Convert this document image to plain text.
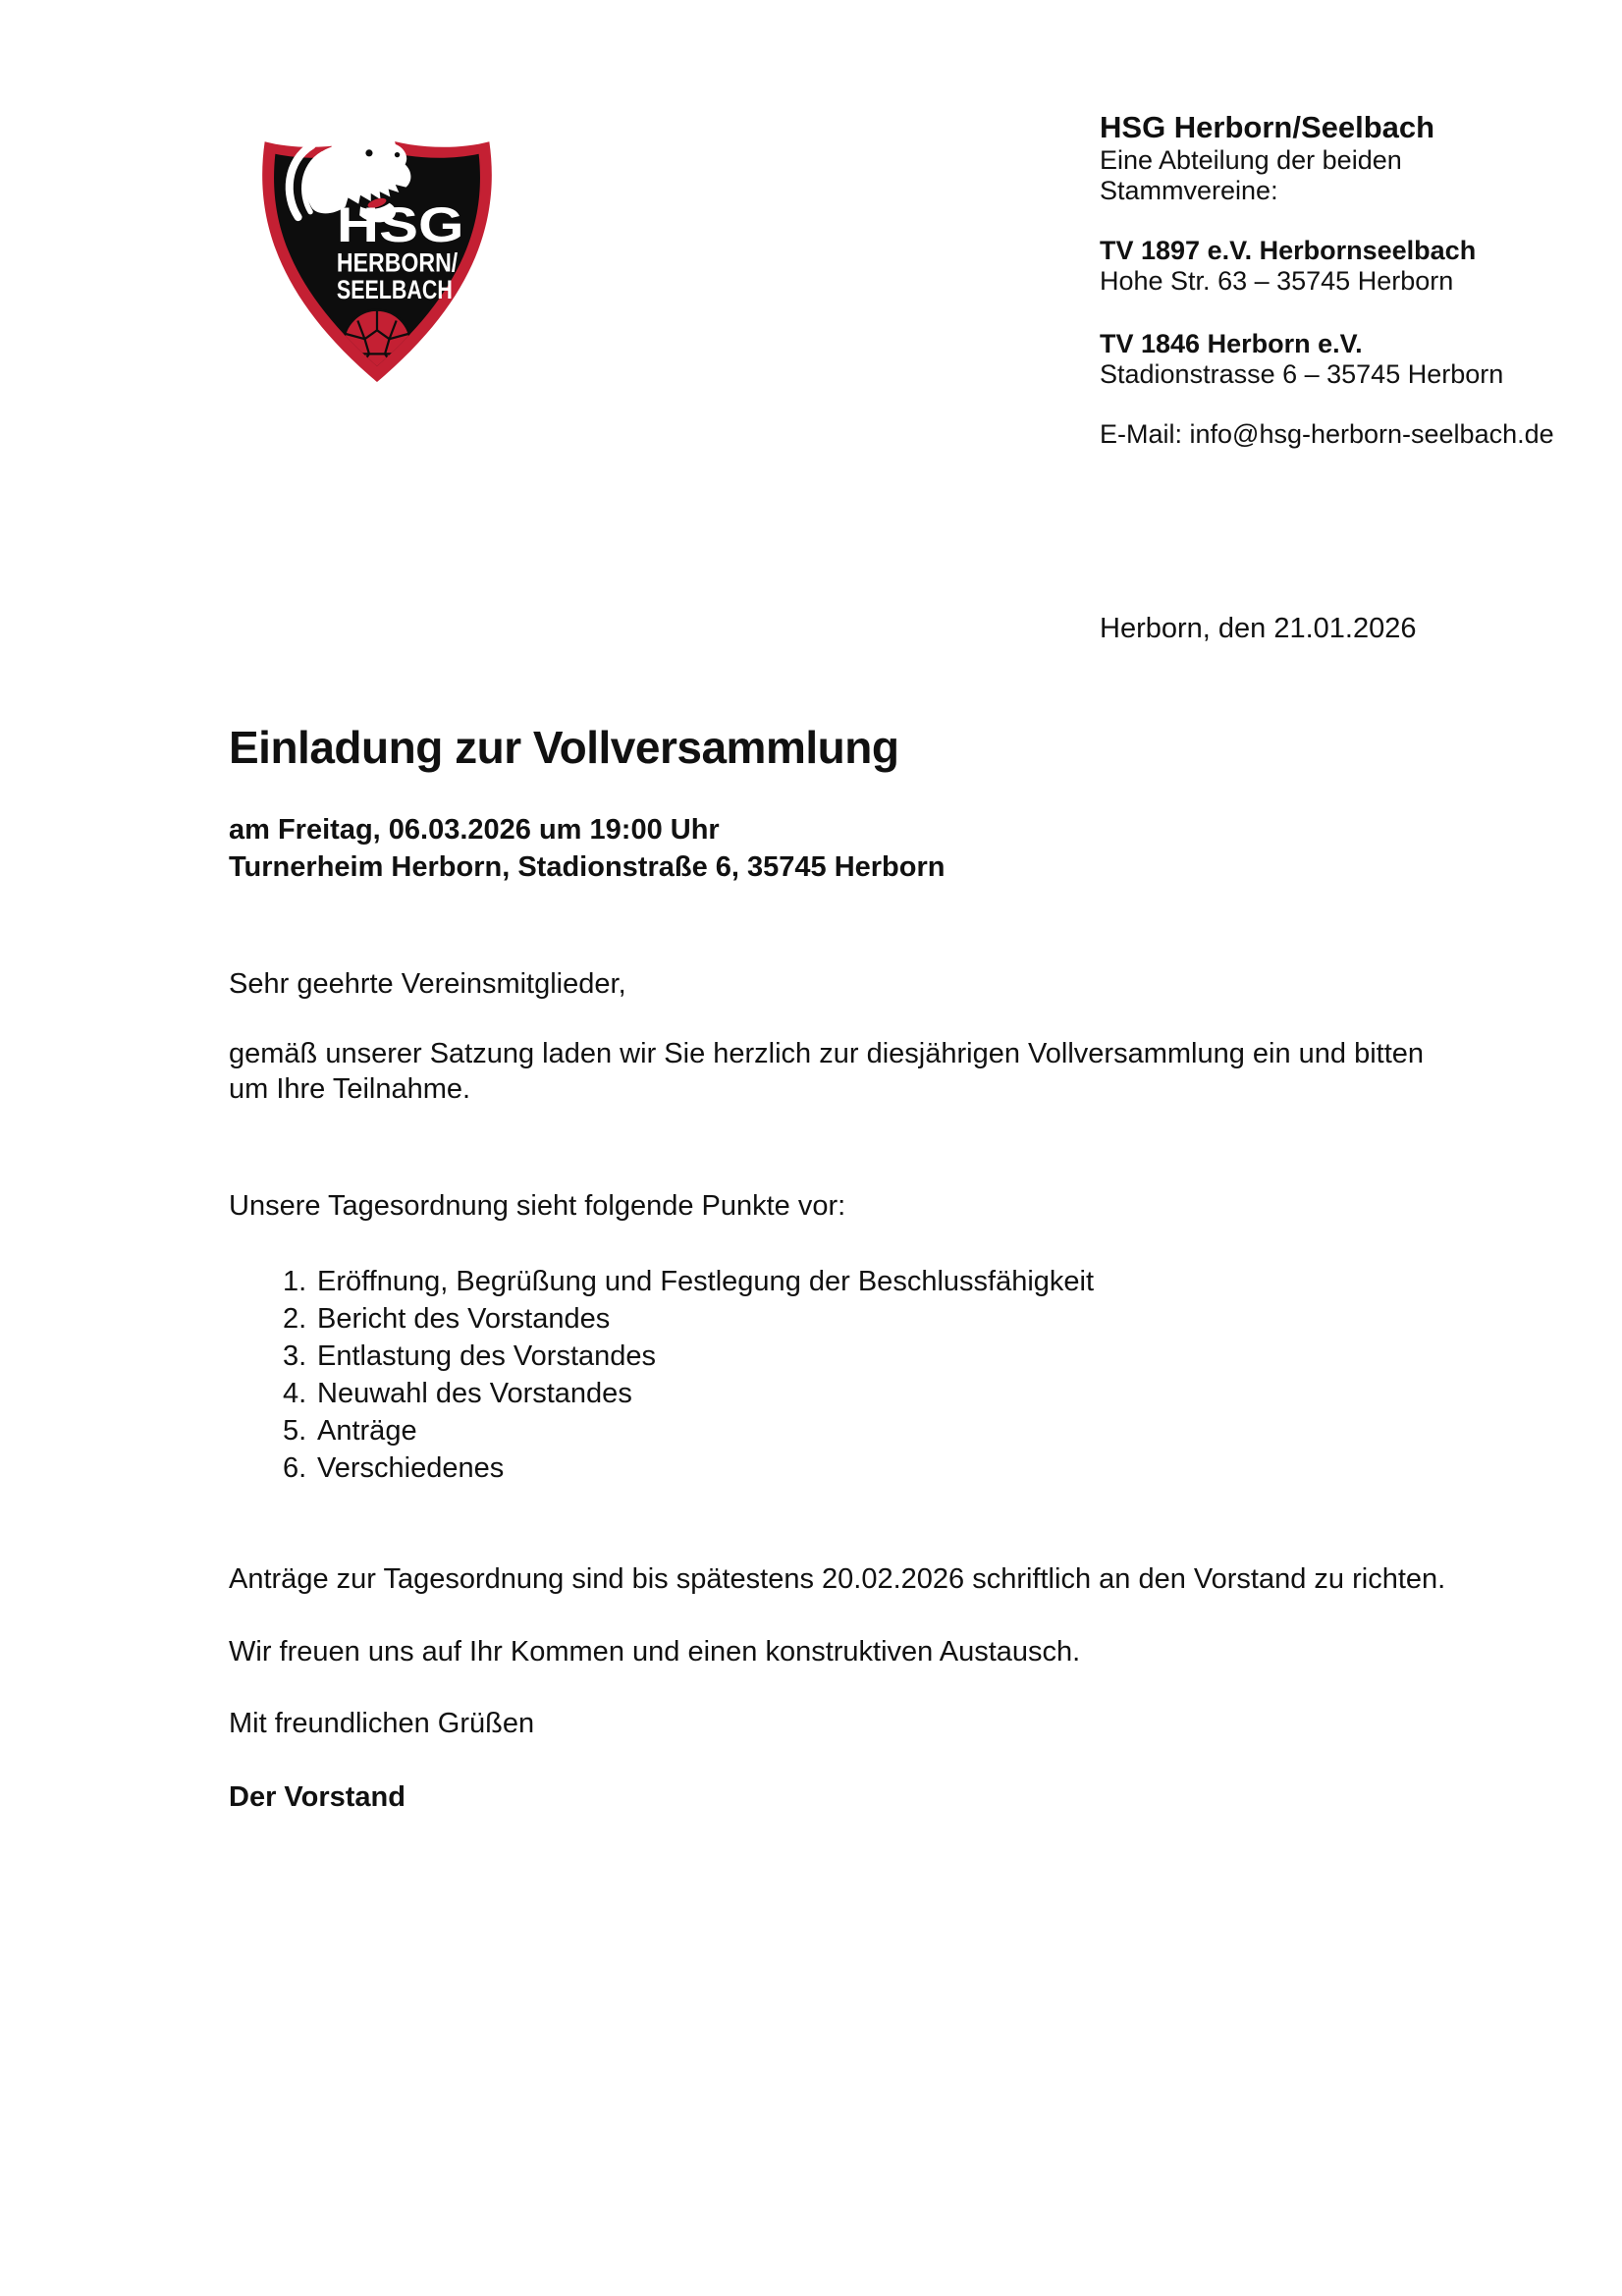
HSG
HERBORN/
SEELBACH
HSG Herborn/Seelbach
Eine Abteilung der beiden
Stammvereine:
TV 1897 e.V. Herbornseelbach
Hohe Str. 63 – 35745 Herborn
TV 1846 Herborn e.V.
Stadionstrasse 6 – 35745 Herborn
E-Mail: info@hsg-herborn-seelbach.de
Herborn, den 21.01.2026
Einladung zur Vollversammlung
am Freitag, 06.03.2026 um 19:00 Uhr
Turnerheim Herborn, Stadionstraße 6, 35745 Herborn
Sehr geehrte Vereinsmitglieder,
gemäß unserer Satzung laden wir Sie herzlich zur diesjährigen Vollversammlung ein und bitten um Ihre Teilnahme.
Unsere Tagesordnung sieht folgende Punkte vor:
1. Eröffnung, Begrüßung und Festlegung der Beschlussfähigkeit
2. Bericht des Vorstandes
3. Entlastung des Vorstandes
4. Neuwahl des Vorstandes
5. Anträge
6. Verschiedenes
Anträge zur Tagesordnung sind bis spätestens 20.02.2026 schriftlich an den Vorstand zu richten.
Wir freuen uns auf Ihr Kommen und einen konstruktiven Austausch.
Mit freundlichen Grüßen
Der Vorstand
